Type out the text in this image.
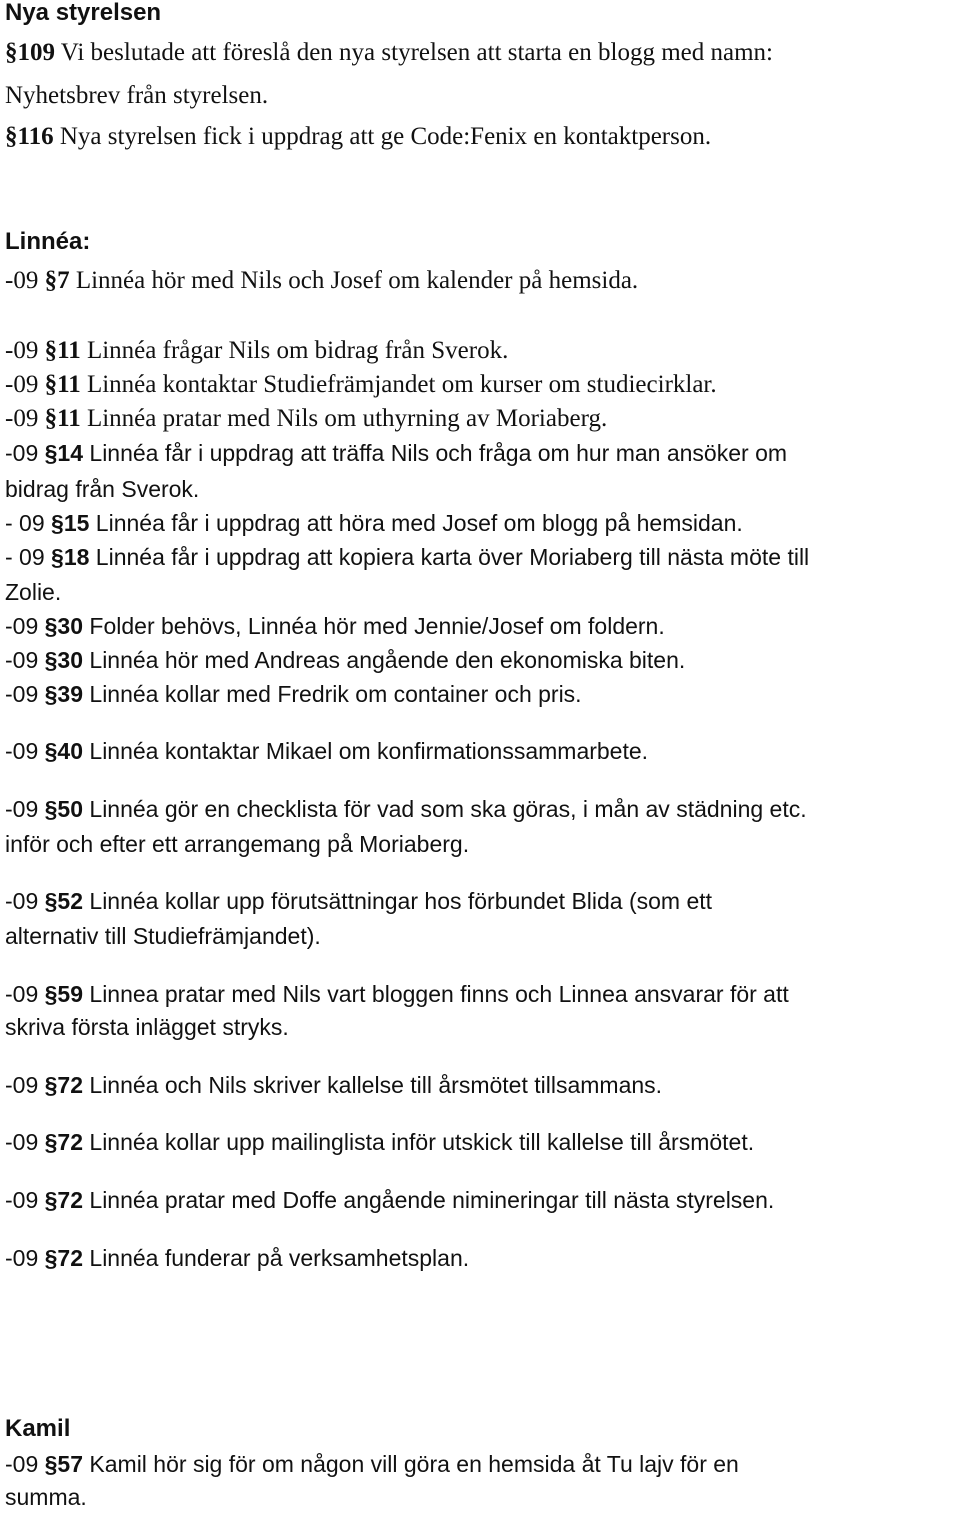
Nya styrelsen

§109 Vi beslutade att föreslå den nya styrelsen att starta en blogg med namn:

Nyhetsbrev från styrelsen.

§116 Nya styrelsen fick i uppdrag att ge Code:Fenix en kontaktperson.

Linnéa:

-09 §7 Linnéa hör med Nils och Josef om kalender på hemsida.

-09 §11 Linnéa frågar Nils om bidrag från Sverok.

-09 §11 Linnéa kontaktar Studiefrämjandet om kurser om studiecirklar.

-09 §11 Linnéa pratar med Nils om uthyrning av Moriaberg.

-09 §14 Linnéa får i uppdrag att träffa Nils och fråga om hur man ansöker om

bidrag från Sverok.

- 09 §15 Linnéa får i uppdrag att höra med Josef om blogg på hemsidan.

- 09 §18 Linnéa får i uppdrag att kopiera karta över Moriaberg till nästa möte till

Zolie.

-09 §30 Folder behövs, Linnéa hör med Jennie/Josef om foldern.

-09 §30 Linnéa hör med Andreas angående den ekonomiska biten.

-09 §39 Linnéa kollar med Fredrik om container och pris.

-09 §40 Linnéa kontaktar Mikael om konfirmationssammarbete.

-09 §50 Linnéa gör en checklista för vad som ska göras, i mån av städning etc.

inför och efter ett arrangemang på Moriaberg.

-09 §52 Linnéa kollar upp förutsättningar hos förbundet Blida (som ett

alternativ till Studiefrämjandet).

-09 §59 Linnea pratar med Nils vart bloggen finns och Linnea ansvarar för att

skriva första inlägget stryks.

-09 §72 Linnéa och Nils skriver kallelse till årsmötet tillsammans.

-09 §72 Linnéa kollar upp mailinglista inför utskick till kallelse till årsmötet.

-09 §72 Linnéa pratar med Doffe angående nimineringar till nästa styrelsen.

-09 §72 Linnéa funderar på verksamhetsplan.

Kamil

-09 §57 Kamil hör sig för om någon vill göra en hemsida åt Tu lajv för en

summa.
